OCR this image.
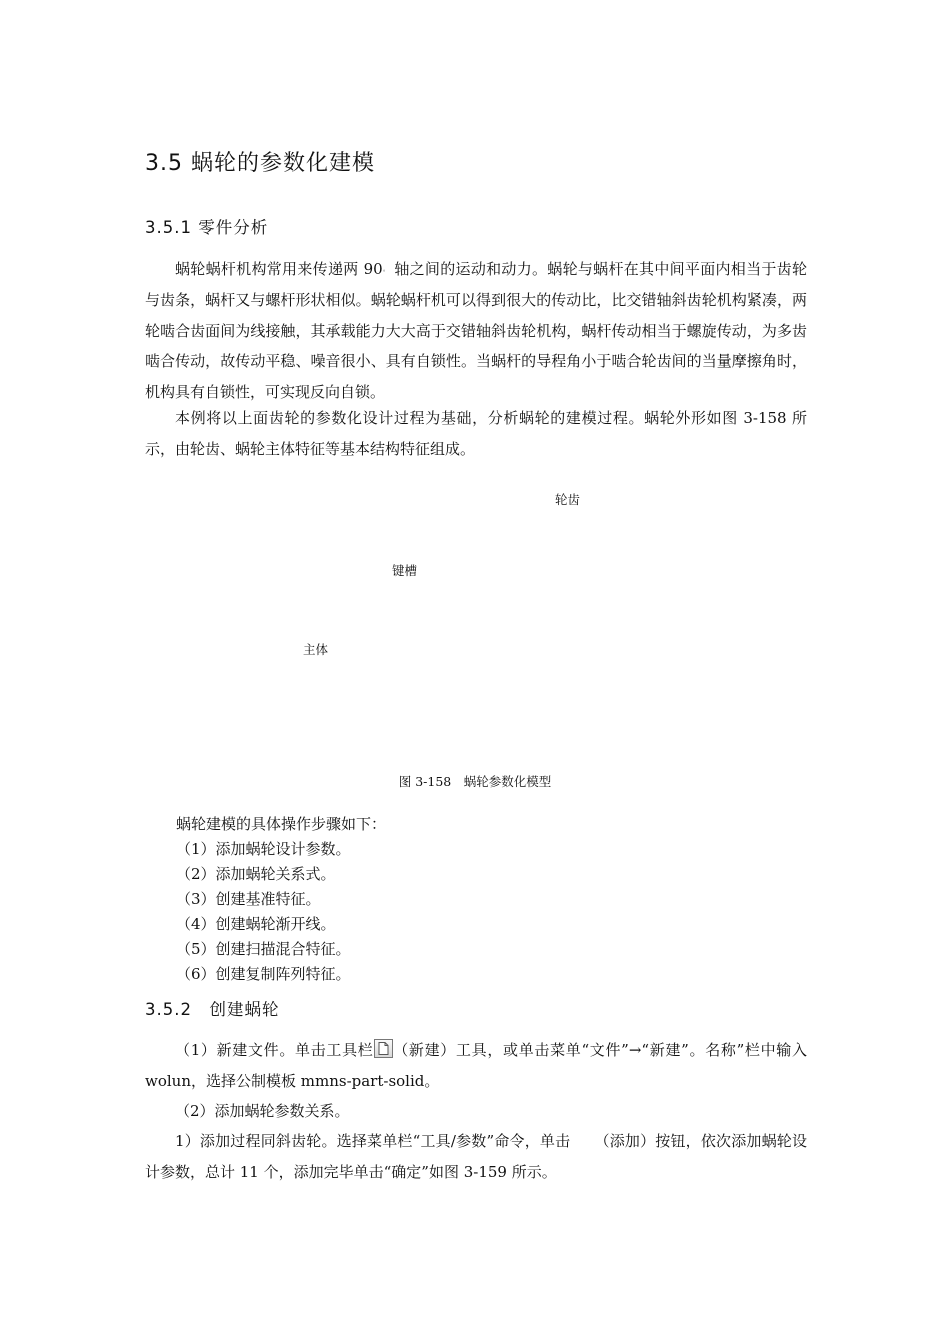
3.5 蜗轮的参数化建模
3.5.1 零件分析

蜗轮蜗杆机构常用来传递两 90。 轴之间的运动和动力。蜗轮与蜗杆在其中间平面内相当于齿轮与齿条，蜗杆又与螺杆形状相似。蜗轮蜗杆机可以得到很大的传动比，比交错轴斜齿轮机构紧凑，两轮啮合齿面间为线接触，其承载能力大大高于交错轴斜齿轮机构，蜗杆传动相当于螺旋传动，为多齿啮合传动，故传动平稳、噪音很小、具有自锁性。当蜗杆的导程角小于啮合轮齿间的当量摩擦角时，机构具有自锁性，可实现反向自锁。

本例将以上面齿轮的参数化设计过程为基础，分析蜗轮的建模过程。蜗轮外形如图 3-158 所示，由轮齿、蜗轮主体特征等基本结构特征组成。

轮齿
键槽
主体
图 3-158　蜗轮参数化模型
蜗轮建模的具体操作步骤如下：
（1）添加蜗轮设计参数。
（2）添加蜗轮关系式。
（3）创建基准特征。
（4）创建蜗轮渐开线。
（5）创建扫描混合特征。
（6）创建复制阵列特征。
3.5.2　创建蜗轮

（1）新建文件。单击工具栏 （新建）工具，或单击菜单“文件”→“新建”。名称”栏中输入 wolun，选择公制模板 mmns-part-solid。

（2）添加蜗轮参数关系。

1）添加过程同斜齿轮。选择菜单栏“工具/参数”命令，单击 （添加）按钮，依次添加蜗轮设计参数，总计 11 个，添加完毕单击“确定”如图 3-159 所示。
